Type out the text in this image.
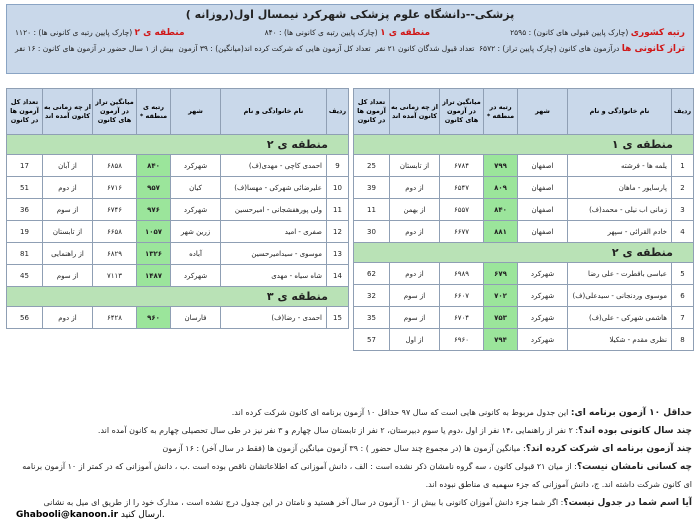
پزشکی--دانشگاه علوم پزشکی شهرکرد نیمسال اول(روزانه )
رتبه کشوری (چارک پایین قبولی های کانون) : ۲۵۹۵
منطقه ی ۱ (چارک پایین رتبه ی کانونی ها) : ۸۴۰
منطقه ی ۲ (چارک پایین رتبه ی کانونی ها) : ۱۱۲۰
تراز کانونی ها درآزمون های کانون (چارک پایین تراز) : ۶۵۷۲
تعداد قبول شدگان کانون ۲۱ نفر
تعداد کل آزمون هایی که شرکت کرده اند(میانگین) : ۳۹ آزمون
بیش از ۱ سال حضور در آزمون های کانون : ۱۶ نفر
ردیف	نام خانوادگی و نام	شهر	رتبه در منطقه *	میانگین تراز در آزمون های کانون	از چه زمانی به کانون آمده اند	تعداد کل آزمون ها در کانون
منطقه ی ۱						
1	یلمه ها - فرشته	اصفهان	۷۹۹	۶۷۸۴	از تابستان	25
2	پارسایور - ماهان	اصفهان	۸۰۹	۶۵۴۷	از دوم	39
3	زمانی اب نیلی - محمد(ف)	اصفهان	۸۴۰	۶۵۵۷	از بهمن	11
4	خادم القرائی - سپهر	اصفهان	۸۸۱	۶۶۷۷	از دوم	30
منطقه ی ۲						
5	عباسی بافطرت - علی رضا	شهرکرد	۶۷۹	۶۹۸۹	از دوم	62
6	موسوی وردنجانی - سیدعلی(ف)	شهرکرد	۷۰۲	۶۶۰۷	از سوم	32
7	هاشمی شهرکی - علی(ف)	شهرکرد	۷۵۳	۶۷۰۴	از سوم	35
8	نظری مقدم - شکیلا	شهرکرد	۷۹۴	۶۹۶۰	از اول	57
ردیف	نام خانوادگی و نام	شهر	رتبه ی منطقه *	میانگین تراز در آزمون های کانون	از چه زمانی به کانون آمده اند	تعداد کل آزمون ها در کانون
منطقه ی ۲						
9	احمدی کاچی - مهدی(ف)	شهرکرد	۸۴۰	۶۸۵۸	از آبان	17
10	علیرضائی شهرکی - مهسا(ف)	کیان	۹۵۷	۶۷۱۶	از دوم	51
11	ولی پورهفشجانی - امیرحسین	شهرکرد	۹۷۶	۶۷۴۶	از سوم	36
12	صفری - امید	زرین شهر	۱۰۵۷	۶۶۵۸	از تابستان	19
13	موسوی - سیدامیرحسین	آباده	۱۳۲۶	۶۸۲۹	از راهنمایی	81
14	شاه سیاه - مهدی	شهرکرد	۱۴۸۷	۷۱۱۳	از سوم	45
منطقه ی ۳						
15	احمدی - رضا(ف)	فارسان	۹۶۰	۶۴۲۸	از دوم	56

حداقل ۱۰ آزمون برنامه ای: این جدول مربوط به کانونی هایی است که سال ۹۷ حداقل ۱۰ آزمون برنامه ای کانون شرکت کرده اند.

چند سال کانونی بوده اند؟: ۲ نفر از راهنمایی ،۱۴ نفر از اول ،دوم یا سوم دبیرستان، ۲ نفر از تابستان سال چهارم و ۳ نفر نیز در طی سال تحصیلی چهارم به کانون آمده اند.

چند آزمون برنامه ای شرکت کرده اند؟: میانگین آزمون ها (در مجموع چند سال حضور ) : ۳۹ آزمون میانگین آزمون ها (فقط در سال آخر) : ۱۶ آزمون

چه کسانی نامشان نیست؟: از میان ۲۱ قبولی کانون ، سه گروه نامشان ذکر نشده است : الف ، دانش آموزانی که اطلاعاتشان ناقص بوده است .ب ، دانش آموزانی که در کمتر از ۱۰ آزمون برنامه

ای کانون شرکت داشته اند. ج، دانش آموزانی که جزء سهمیه ی مناطق نبوده اند.

آیا اسم شما در جدول نیست؟: اگر شما جزء دانش آموزان کانونی با بیش از ۱۰ آزمون در سال آخر هستید و نامتان در این جدول درج نشده است ، مدارک خود را از طریق ای میل به نشانی

Ghabooli@kanoon.ir ارسال کنید.
